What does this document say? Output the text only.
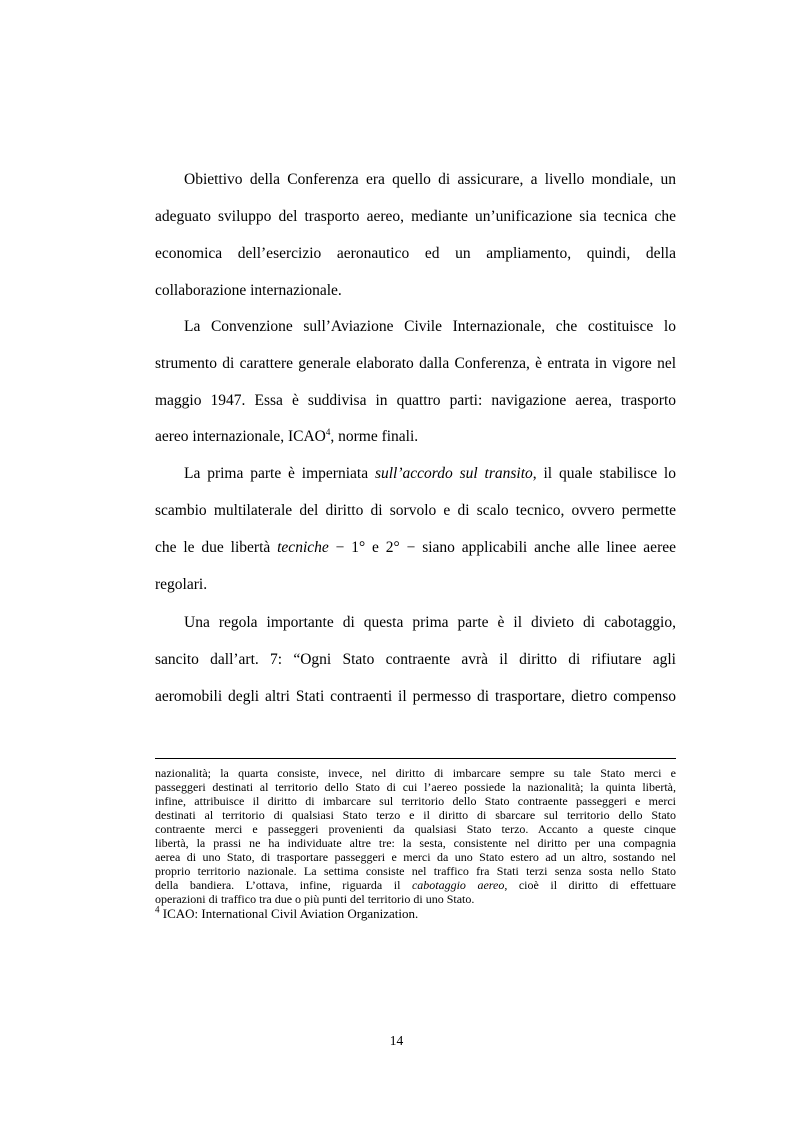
Obiettivo della Conferenza era quello di assicurare, a livello mondiale, un
adeguato sviluppo del trasporto aereo, mediante un’unificazione sia tecnica che
economica dell’esercizio aeronautico ed un ampliamento, quindi, della
collaborazione internazionale.
La Convenzione sull’Aviazione Civile Internazionale, che costituisce lo
strumento di carattere generale elaborato dalla Conferenza, è entrata in vigore nel
maggio 1947. Essa è suddivisa in quattro parti: navigazione aerea, trasporto
aereo internazionale, ICAO$^4$, norme finali.
La prima parte è imperniata sull’accordo sul transito, il quale stabilisce lo
scambio multilaterale del diritto di sorvolo e di scalo tecnico, ovvero permette
che le due libertà tecniche − 1° e 2° − siano applicabili anche alle linee aeree
regolari.
Una regola importante di questa prima parte è il divieto di cabotaggio,
sancito dall’art. 7: “Ogni Stato contraente avrà il diritto di rifiutare agli
aeromobili degli altri Stati contraenti il permesso di trasportare, dietro compenso
nazionalità; la quarta consiste, invece, nel diritto di imbarcare sempre su tale Stato merci e
passeggeri destinati al territorio dello Stato di cui l’aereo possiede la nazionalità; la quinta libertà,
infine, attribuisce il diritto di imbarcare sul territorio dello Stato contraente passeggeri e merci
destinati al territorio di qualsiasi Stato terzo e il diritto di sbarcare sul territorio dello Stato
contraente merci e passeggeri provenienti da qualsiasi Stato terzo. Accanto a queste cinque
libertà, la prassi ne ha individuate altre tre: la sesta, consistente nel diritto per una compagnia
aerea di uno Stato, di trasportare passeggeri e merci da uno Stato estero ad un altro, sostando nel
proprio territorio nazionale. La settima consiste nel traffico fra Stati terzi senza sosta nello Stato
della bandiera. L’ottava, infine, riguarda il cabotaggio aereo, cioè il diritto di effettuare
operazioni di traffico tra due o più punti del territorio di uno Stato.
$^4$ ICAO: International Civil Aviation Organization.
14
